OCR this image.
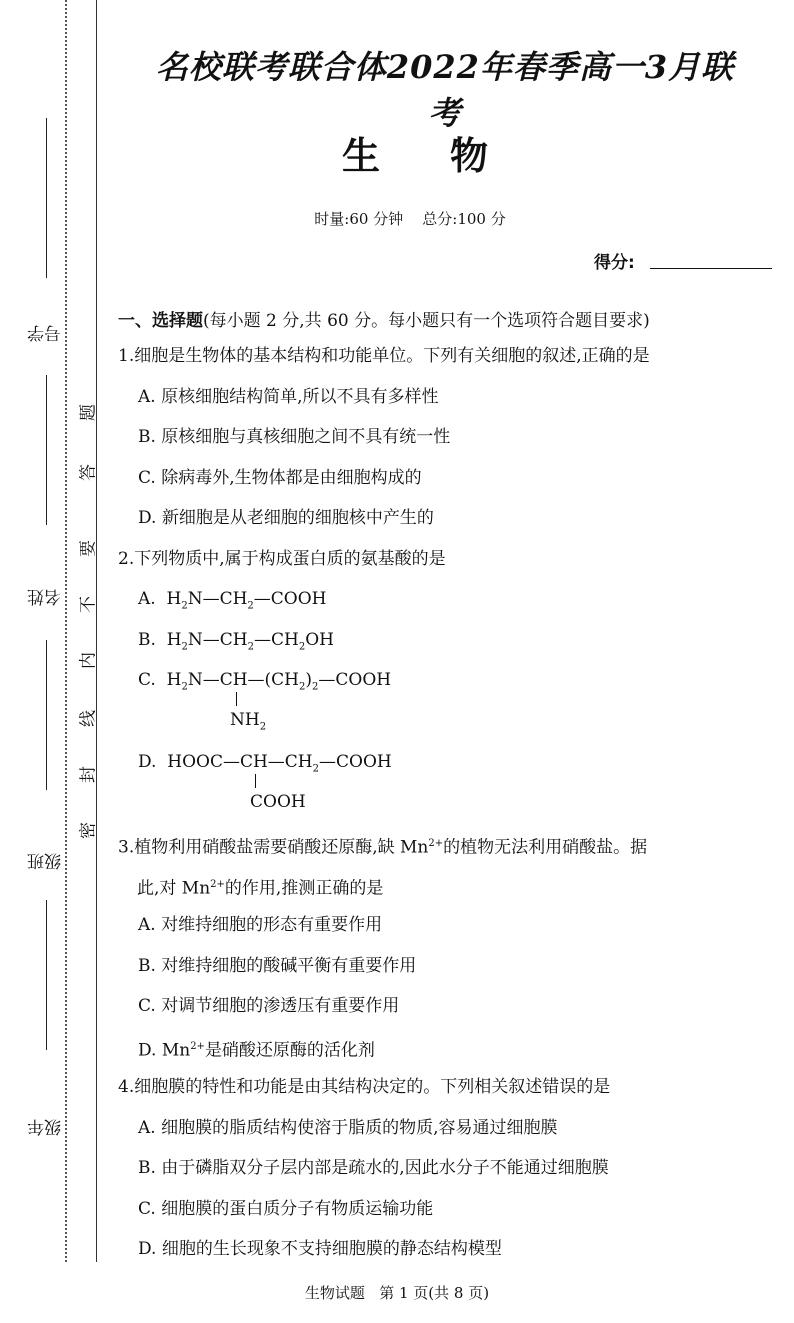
学号
姓名
班级
年级
密
封
线
内
不
要
答
题
名校联考联合体2022年春季高一3月联考
生物
时量:60 分钟 总分:100 分
得分:
一、选择题(每小题 2 分,共 60 分。每小题只有一个选项符合题目要求)
1.细胞是生物体的基本结构和功能单位。下列有关细胞的叙述,正确的是
A. 原核细胞结构简单,所以不具有多样性
B. 原核细胞与真核细胞之间不具有统一性
C. 除病毒外,生物体都是由细胞构成的
D. 新细胞是从老细胞的细胞核中产生的
2.下列物质中,属于构成蛋白质的氨基酸的是
A. $H_2N—CH_2—COOH$
B. $H_2N—CH_2—CH_2OH$
C. $H_2N—CH—(CH_2)_2—COOH$
$NH_2$
D. $HOOC—CH—CH_2—COOH$
COOH
3.植物利用硝酸盐需要硝酸还原酶,缺 $Mn^{2+}$的植物无法利用硝酸盐。据
此,对 $Mn^{2+}$的作用,推测正确的是
A. 对维持细胞的形态有重要作用
B. 对维持细胞的酸碱平衡有重要作用
C. 对调节细胞的渗透压有重要作用
D. $Mn^{2+}$是硝酸还原酶的活化剂
4.细胞膜的特性和功能是由其结构决定的。下列相关叙述错误的是
A. 细胞膜的脂质结构使溶于脂质的物质,容易通过细胞膜
B. 由于磷脂双分子层内部是疏水的,因此水分子不能通过细胞膜
C. 细胞膜的蛋白质分子有物质运输功能
D. 细胞的生长现象不支持细胞膜的静态结构模型
生物试题   第 1 页(共 8 页)
